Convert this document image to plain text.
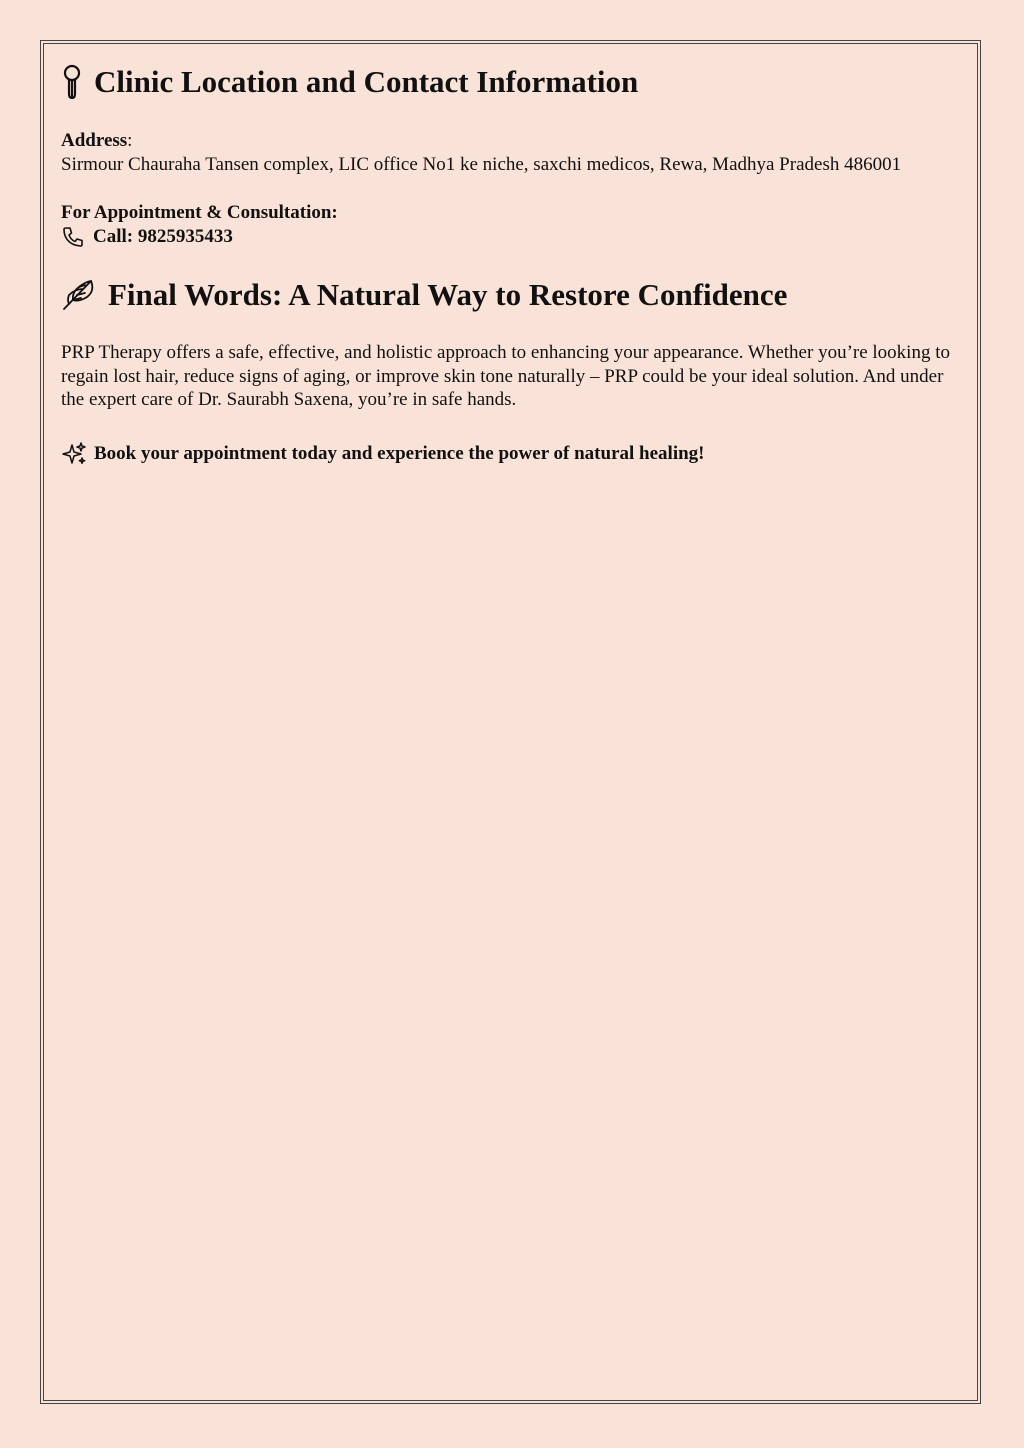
Clinic Location and Contact Information

Address:

Sirmour Chauraha Tansen complex, LIC office No1 ke niche, saxchi medicos, Rewa, Madhya Pradesh 486001

For Appointment & Consultation:

Call: 9825935433

Final Words: A Natural Way to Restore Confidence

PRP Therapy offers a safe, effective, and holistic approach to enhancing your appearance. Whether you’re looking to regain lost hair, reduce signs of aging, or improve skin tone naturally – PRP could be your ideal solution. And under the expert care of Dr. Saurabh Saxena, you’re in safe hands.

Book your appointment today and experience the power of natural healing!
